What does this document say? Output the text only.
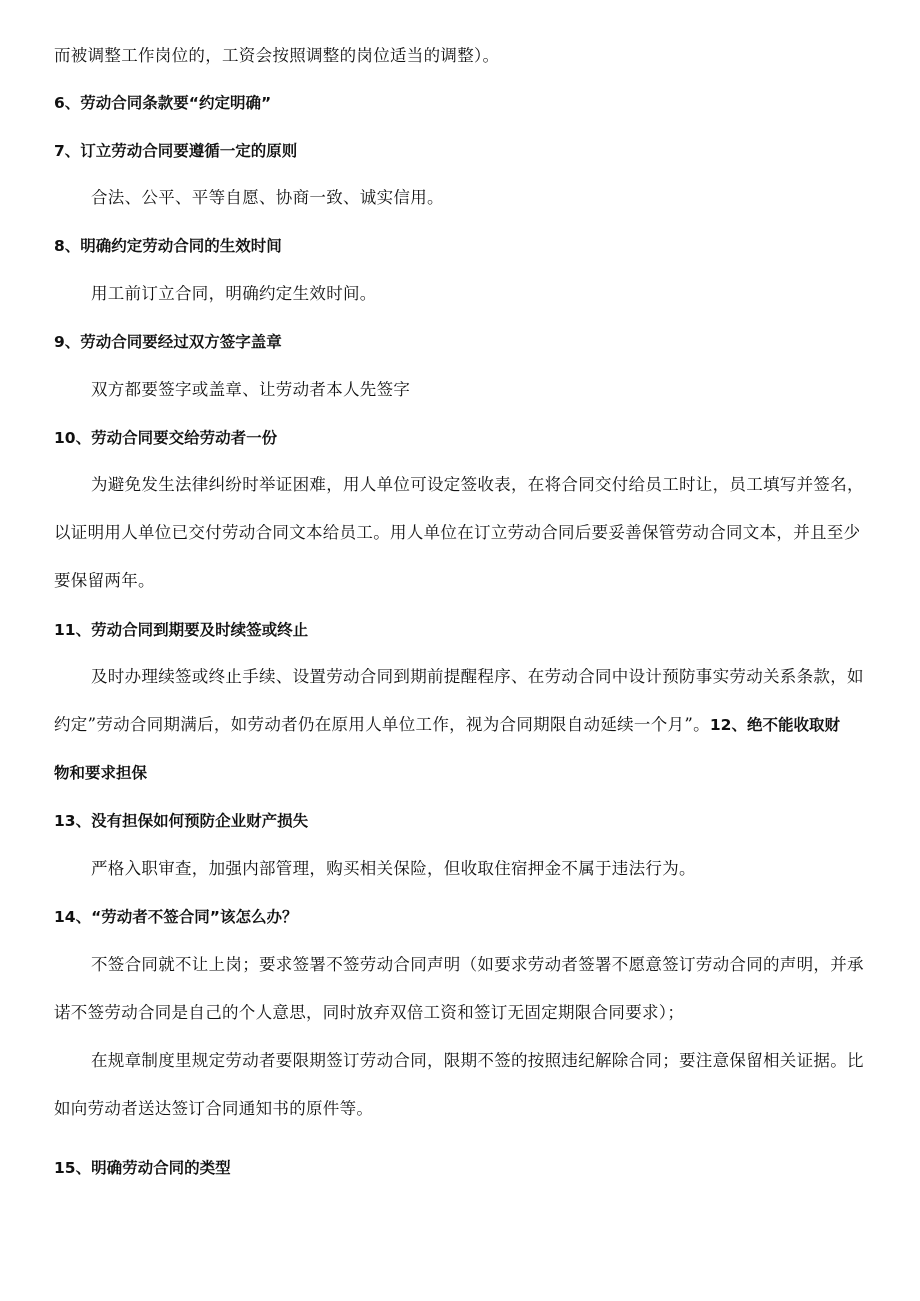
而被调整工作岗位的，工资会按照调整的岗位适当的调整）。

6、劳动合同条款要“约定明确”

7、订立劳动合同要遵循一定的原则

合法、公平、平等自愿、协商一致、诚实信用。

8、明确约定劳动合同的生效时间

用工前订立合同，明确约定生效时间。

9、劳动合同要经过双方签字盖章

双方都要签字或盖章、让劳动者本人先签字

10、劳动合同要交给劳动者一份

为避免发生法律纠纷时举证困难，用人单位可设定签收表，在将合同交付给员工时让，员工填写并签名，

以证明用人单位已交付劳动合同文本给员工。用人单位在订立劳动合同后要妥善保管劳动合同文本，并且至少

要保留两年。

11、劳动合同到期要及时续签或终止

及时办理续签或终止手续、设置劳动合同到期前提醒程序、在劳动合同中设计预防事实劳动关系条款，如

约定”劳动合同期满后，如劳动者仍在原用人单位工作，视为合同期限自动延续一个月”。12、绝不能收取财

物和要求担保

13、没有担保如何预防企业财产损失

严格入职审查，加强内部管理，购买相关保险，但收取住宿押金不属于违法行为。

14、“劳动者不签合同”该怎么办？

不签合同就不让上岗；要求签署不签劳动合同声明（如要求劳动者签署不愿意签订劳动合同的声明，并承

诺不签劳动合同是自己的个人意思，同时放弃双倍工资和签订无固定期限合同要求）；

在规章制度里规定劳动者要限期签订劳动合同，限期不签的按照违纪解除合同；要注意保留相关证据。比

如向劳动者送达签订合同通知书的原件等。

15、明确劳动合同的类型
